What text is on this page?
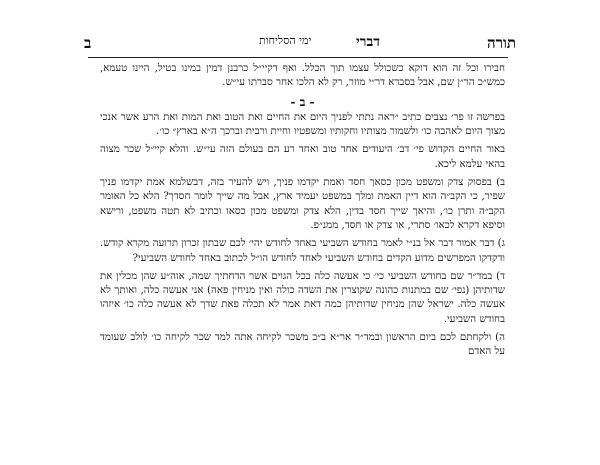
ב	ימי הסליחות	דברי	תורה

חבירו וכל זה הוא דוקא כשכולל עצמו תוך הכלל. ואף דקיי״ל כרבנן דמין במינו בטיל, היינו טעמא, כמש״כ הר״ן שם, אבל בסברא דר״י מוזר, רק לא הלכו אחר סברתו עי״ש.

- ב -

בפרשה זו פר׳ נצבים כתיב ״ראה נתתי לפניך היום את החיים ואת הטוב ואת המות ואת הרע אשר אנכי מצוך היום לאהבה כו׳ ולשמור מצותיו וחקותיו ומשפטיו וחיית ורבית וברכך ה״א בארץ״ כו׳.

באור החיים הקדוש פי׳ דב׳ היעודים אחד טוב ואחד רע הם בעולם הזה עי״ש. והלא קיי״ל שכר מצוה בהאי עלמא ליכא.

ב) בפסוק צדק ומשפט מכון כסאך חסד ואמת יקדמו פניך, ויש להעיר בזה, דבשלמא אמת יקדמו פניך שפיר, כי הקב״ה הוא דיין האמת ומלך במשפט יעמיד ארץ, אבל מה שייך לומר חסדך? הלא כל האומר הקב״ה ותרן כו׳, והיאך שייך חסד בדין, הלא צדק ומשפט מכון כסאו וכתיב לא תטה משפט, ורישא וסיפא דקרא לכאו׳ סתרי, או צדק או חסד, ממנ״פ.

ג) דבר אמור דבר אל בנ״י לאמר בחודש השביעי באחד לחודש יהי׳ לכם שבתון זכרון תרועה מקרא קודש. ודקדקו המפרשים מדוע הקדים בחודש השביעי לאחד לחודש הו״ל לכתוב באחד לחודש השביעי?

ד) במד״ר שם בחודש השביעי כי׳ כי אעשה כלה בכל הגוים אשר הדחתיך שמה, אוה״ע שהן מכלין את שדותיהן (נפי׳ שם במתנות כהונה שקוצרין את השדה כולה ואין מניחין פאה) אני אעשה כלה, ואותך לא אעשה כלה. ישראל שהן מניחין שדותיהן כמה דאת אמר לא תכלה פאת שדך לא אעשה כלה כו׳ איזהו בחודש השביעי.

ה) ולקחתם לכם ביום הראשון ובמד״ר אר״א ב״כ משכר לקיחה אתה למד שכר לקיחה כו׳ לולב שעומד על האדם
